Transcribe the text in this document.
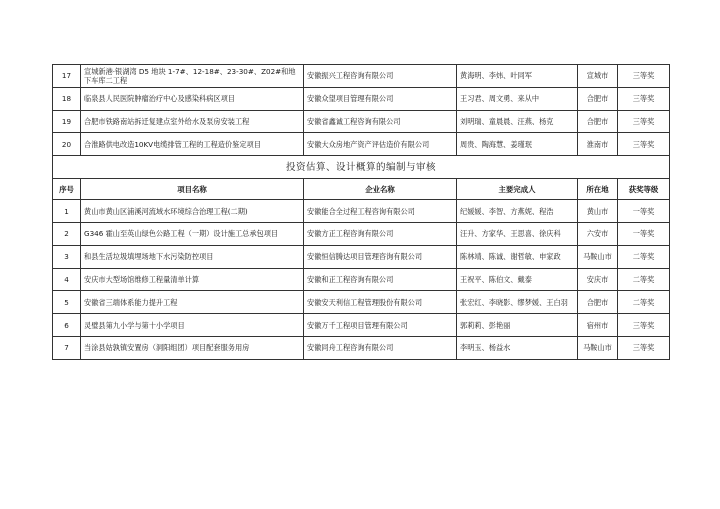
17	宣城新港·银湖湾 D5 地块 1-7#、12-18#、23-30#、Z02#和地下车库二工程	安徽振兴工程咨询有限公司	黄海明、李炜、叶同军	宣城市	三等奖
18	临泉县人民医院肿瘤治疗中心及感染科病区项目	安徽众望项目管理有限公司	王习君、周文勇、来从中	合肥市	三等奖
19	合肥市铁路南站拆迁复建点室外给水及泵房安装工程	安徽省鑫诚工程咨询有限公司	刘明瑞、童晨晨、汪燕、杨克	合肥市	三等奖
20	合淮路供电改造10KV电缆排管工程的工程造价鉴定项目	安徽大众房地产资产评估造价有限公司	周贵、陶海慧、姜瑾珉	淮南市	三等奖
投资估算、设计概算的编制与审核					
序号	项目名称	企业名称	主要完成人	所在地	获奖等级
1	黄山市黄山区浦溪河流域水环境综合治理工程(二期)	安徽能合全过程工程咨询有限公司	纪媛媛、李智、方燕妮、程浩	黄山市	一等奖
2	G346 霍山至英山绿色公路工程（一期）设计施工总承包项目	安徽方正工程咨询有限公司	汪升、方家华、王思喜、徐庆科	六安市	一等奖
3	和县生活垃圾填埋场地下水污染防控项目	安徽恒信腾达项目管理咨询有限公司	陈林靖、陈诚、谢哲敏、申家政	马鞍山市	二等奖
4	安庆市大型场馆维修工程量清单计算	安徽和正工程咨询有限公司	王祝平、陈伯文、戴泰	安庆市	二等奖
5	安徽省三端体系能力提升工程	安徽安天利信工程管理股份有限公司	张宏红、李晓影、缪梦媛、王白羽	合肥市	二等奖
6	灵璧县第九小学与第十小学项目	安徽万千工程项目管理有限公司	郭莉莉、彭艳丽	宿州市	三等奖
7	当涂县姑孰镇安置房（洞阳组团）项目配套服务用房	安徽同舟工程咨询有限公司	李明玉、杨益水	马鞍山市	三等奖
